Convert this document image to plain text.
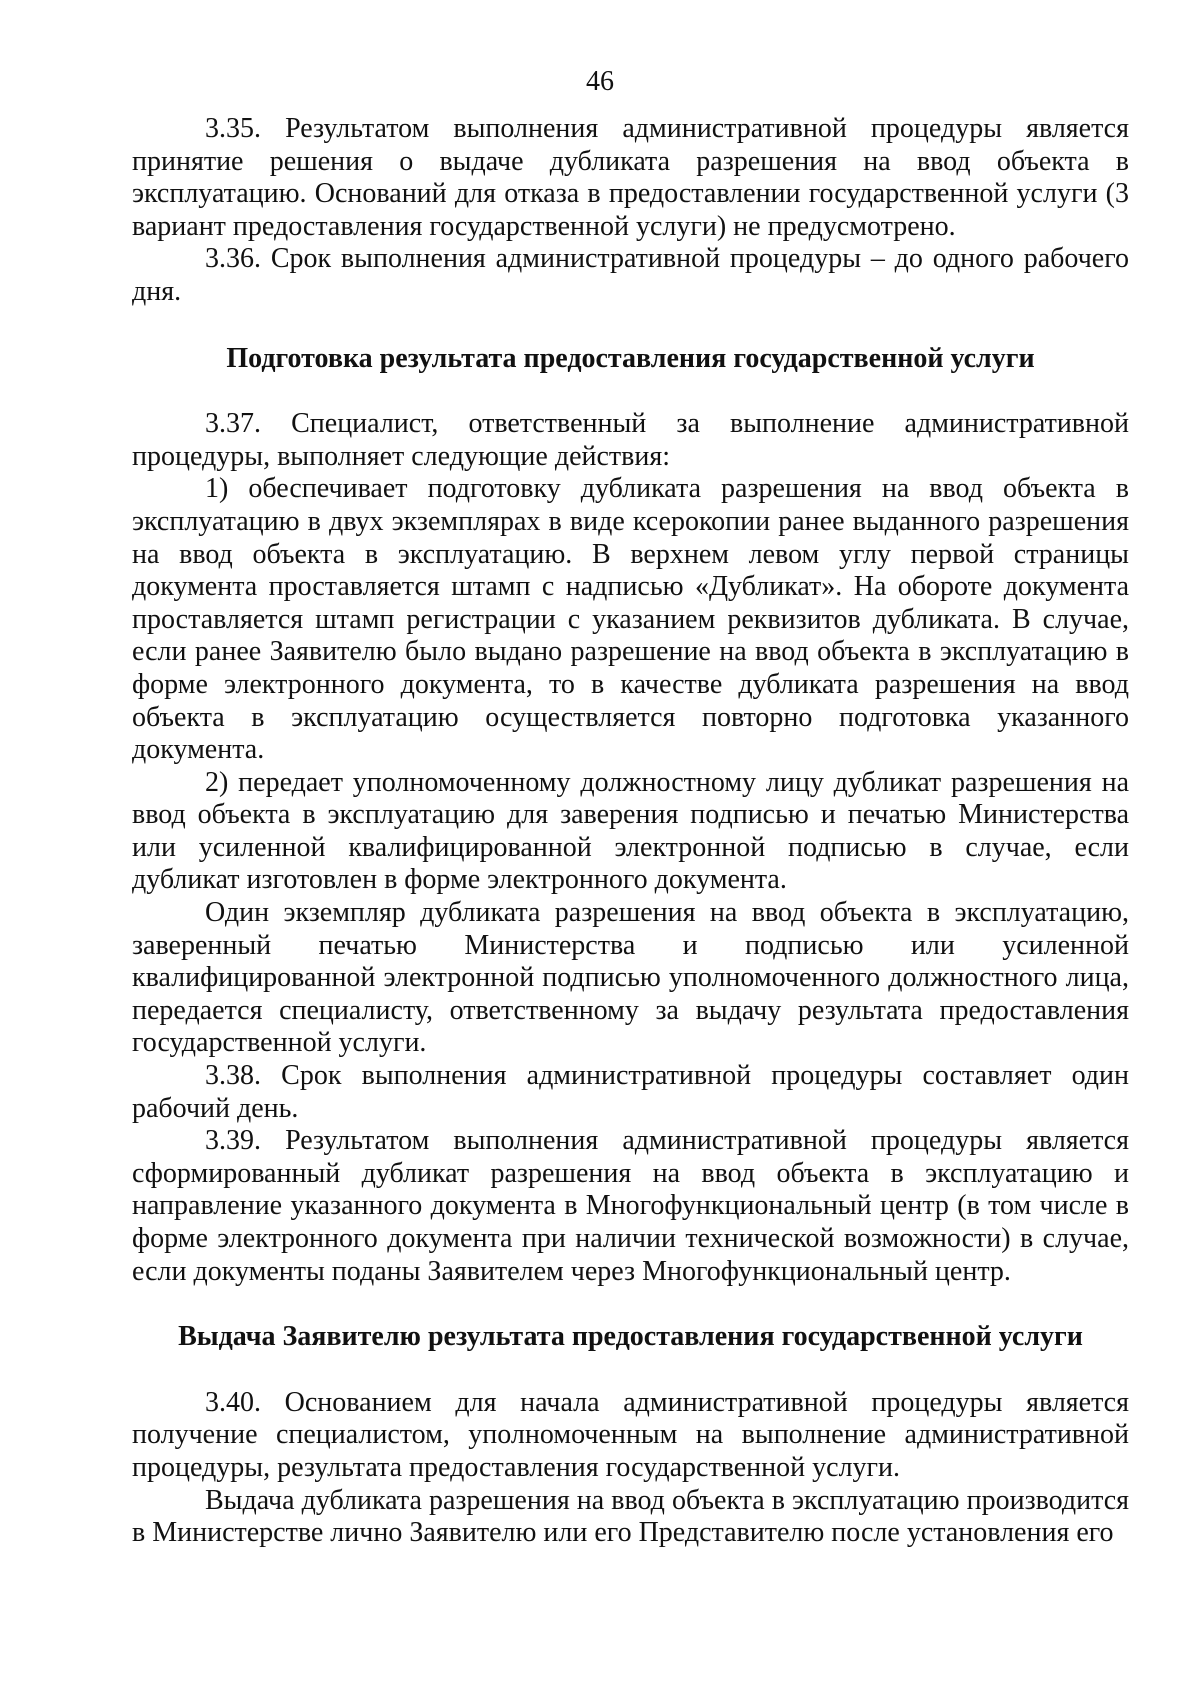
46

3.35. Результатом выполнения административной процедуры является принятие решения о выдаче дубликата разрешения на ввод объекта в эксплуатацию. Оснований для отказа в предоставлении государственной услуги (3 вариант предоставления государственной услуги) не предусмотрено.

3.36. Срок выполнения административной процедуры – до одного рабочего дня.

Подготовка результата предоставления государственной услуги

3.37. Специалист, ответственный за выполнение административной процедуры, выполняет следующие действия:

1) обеспечивает подготовку дубликата разрешения на ввод объекта в эксплуатацию в двух экземплярах в виде ксерокопии ранее выданного разрешения на ввод объекта в эксплуатацию. В верхнем левом углу первой страницы документа проставляется штамп с надписью «Дубликат». На обороте документа проставляется штамп регистрации с указанием реквизитов дубликата. В случае, если ранее Заявителю было выдано разрешение на ввод объекта в эксплуатацию в форме электронного документа, то в качестве дубликата разрешения на ввод объекта в эксплуатацию осуществляется повторно подготовка указанного документа.

2) передает уполномоченному должностному лицу дубликат разрешения на ввод объекта в эксплуатацию для заверения подписью и печатью Министерства или усиленной квалифицированной электронной подписью в случае, если дубликат изготовлен в форме электронного документа.

Один экземпляр дубликата разрешения на ввод объекта в эксплуатацию, заверенный печатью Министерства и подписью или усиленной квалифицированной электронной подписью уполномоченного должностного лица, передается специалисту, ответственному за выдачу результата предоставления государственной услуги.

3.38. Срок выполнения административной процедуры составляет один рабочий день.

3.39. Результатом выполнения административной процедуры является сформированный дубликат разрешения на ввод объекта в эксплуатацию и направление указанного документа в Многофункциональный центр (в том числе в форме электронного документа при наличии технической возможности) в случае, если документы поданы Заявителем через Многофункциональный центр.

Выдача Заявителю результата предоставления государственной услуги

3.40. Основанием для начала административной процедуры является получение специалистом, уполномоченным на выполнение административной процедуры, результата предоставления государственной услуги.

Выдача дубликата разрешения на ввод объекта в эксплуатацию производится в Министерстве лично Заявителю или его Представителю после установления его
